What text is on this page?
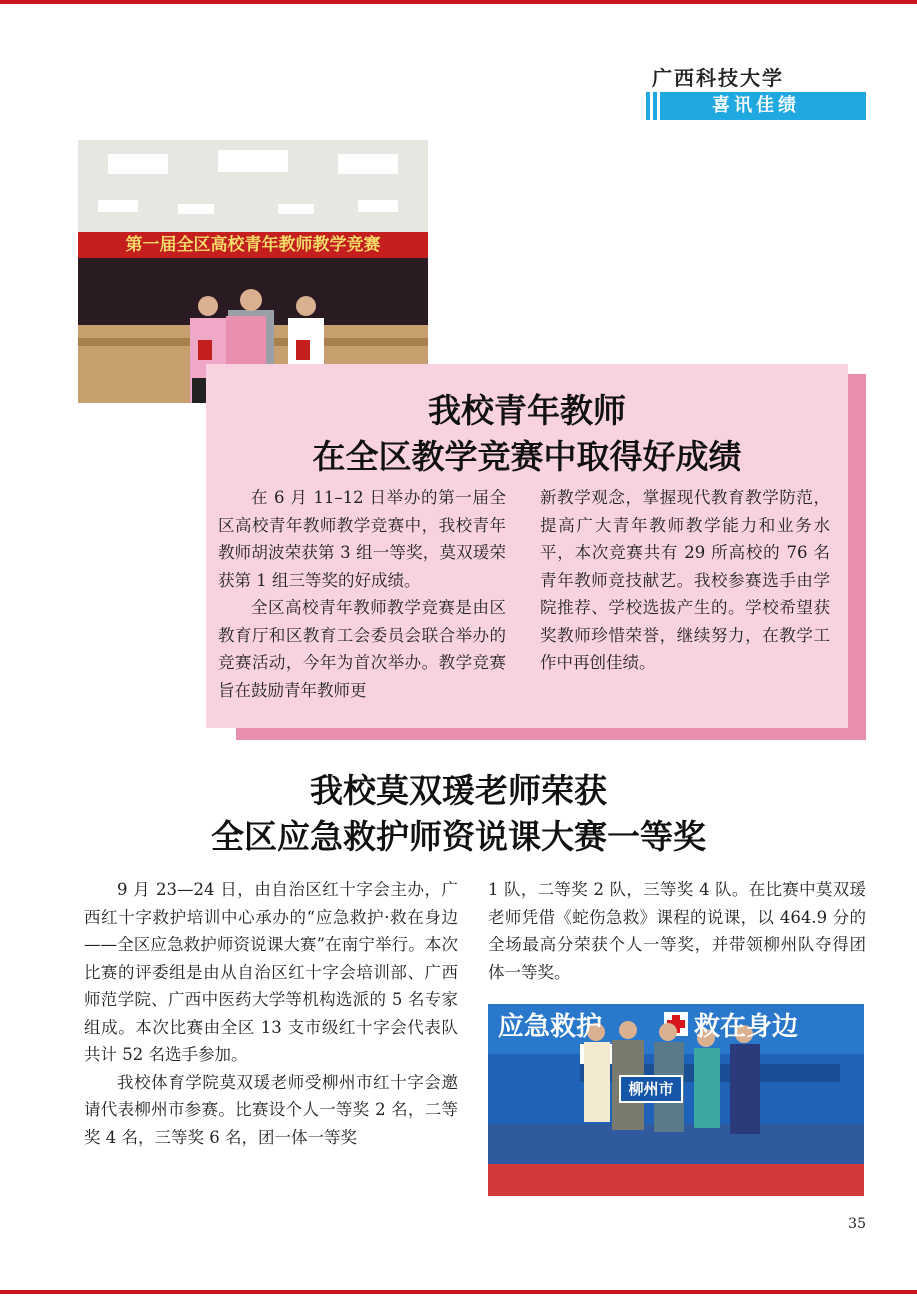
广西科技大学
喜讯佳绩
第一届全区高校青年教师教学竞赛
我校青年教师
在全区教学竞赛中取得好成绩

在 6 月 11–12 日举办的第一届全区高校青年教师教学竞赛中，我校青年教师胡波荣获第 3 组一等奖，莫双瑗荣获第 1 组三等奖的好成绩。

全区高校青年教师教学竞赛是由区教育厅和区教育工会委员会联合举办的竞赛活动，今年为首次举办。教学竞赛旨在鼓励青年教师更

新教学观念，掌握现代教育教学防范，提高广大青年教师教学能力和业务水平，本次竞赛共有 29 所高校的 76 名青年教师竞技献艺。我校参赛选手由学院推荐、学校选拔产生的。学校希望获奖教师珍惜荣誉，继续努力，在教学工作中再创佳绩。

我校莫双瑗老师荣获
全区应急救护师资说课大赛一等奖

9 月 23—24 日，由自治区红十字会主办，广西红十字救护培训中心承办的“应急救护·救在身边——全区应急救护师资说课大赛”在南宁举行。本次比赛的评委组是由从自治区红十字会培训部、广西师范学院、广西中医药大学等机构选派的 5 名专家组成。本次比赛由全区 13 支市级红十字会代表队共计 52 名选手参加。

我校体育学院莫双瑗老师受柳州市红十字会邀请代表柳州市参赛。比赛设个人一等奖 2 名，二等奖 4 名，三等奖 6 名，团一体一等奖

1 队，二等奖 2 队，三等奖 4 队。在比赛中莫双瑗老师凭借《蛇伤急救》课程的说课，以 464.9 分的全场最高分荣获个人一等奖，并带领柳州队夺得团体一等奖。

应急救护	救在身边
柳州市
35
